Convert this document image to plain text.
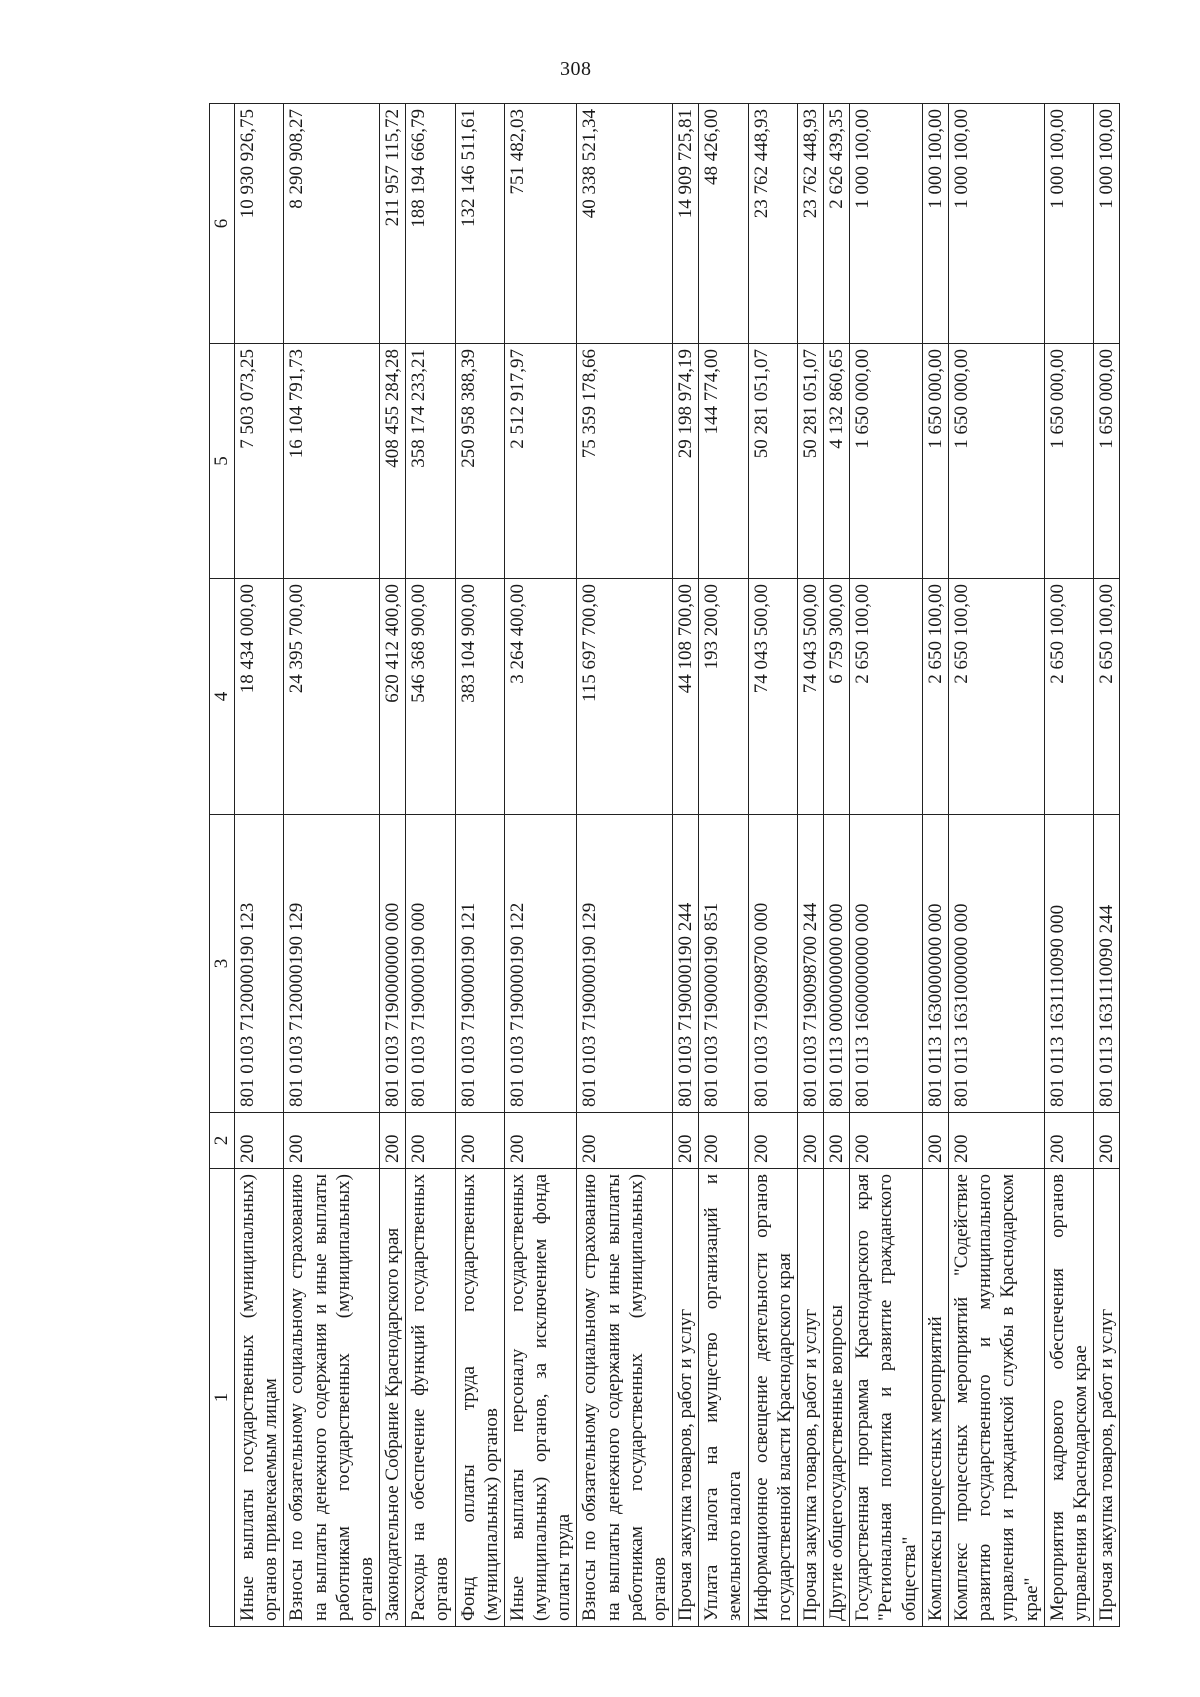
308
1	2	3	4	5	6
Иные выплаты государственных (муниципальных) органов привлекаемым лицам	200	801 0103 7120000190 123	18 434 000,00	7 503 073,25	10 930 926,75
Взносы по обязательному социальному страхованию на выплаты денежного содержания и иные выплаты работникам государственных (муниципальных) органов	200	801 0103 7120000190 129	24 395 700,00	16 104 791,73	8 290 908,27
Законодательное Собрание Краснодарского края	200	801 0103 7190000000 000	620 412 400,00	408 455 284,28	211 957 115,72
Расходы на обеспечение функций государственных органов	200	801 0103 7190000190 000	546 368 900,00	358 174 233,21	188 194 666,79
Фонд оплаты труда государственных (муниципальных) органов	200	801 0103 7190000190 121	383 104 900,00	250 958 388,39	132 146 511,61
Иные выплаты персоналу государственных (муниципальных) органов, за исключением фонда оплаты труда	200	801 0103 7190000190 122	3 264 400,00	2 512 917,97	751 482,03
Взносы по обязательному социальному страхованию на выплаты денежного содержания и иные выплаты работникам государственных (муниципальных) органов	200	801 0103 7190000190 129	115 697 700,00	75 359 178,66	40 338 521,34
Прочая закупка товаров, работ и услуг	200	801 0103 7190000190 244	44 108 700,00	29 198 974,19	14 909 725,81
Уплата налога на имущество организаций и земельного налога	200	801 0103 7190000190 851	193 200,00	144 774,00	48 426,00
Информационное освещение деятельности органов государственной власти Краснодарского края	200	801 0103 7190098700 000	74 043 500,00	50 281 051,07	23 762 448,93
Прочая закупка товаров, работ и услуг	200	801 0103 7190098700 244	74 043 500,00	50 281 051,07	23 762 448,93
Другие общегосударственные вопросы	200	801 0113 0000000000 000	6 759 300,00	4 132 860,65	2 626 439,35
Государственная программа Краснодарского края "Региональная политика и развитие гражданского общества"	200	801 0113 1600000000 000	2 650 100,00	1 650 000,00	1 000 100,00
Комплексы процессных мероприятий	200	801 0113 1630000000 000	2 650 100,00	1 650 000,00	1 000 100,00
Комплекс процессных мероприятий "Содействие развитию государственного и муниципального управления и гражданской службы в Краснодарском крае"	200	801 0113 1631000000 000	2 650 100,00	1 650 000,00	1 000 100,00
Мероприятия кадрового обеспечения органов управления в Краснодарском крае	200	801 0113 1631110090 000	2 650 100,00	1 650 000,00	1 000 100,00
Прочая закупка товаров, работ и услуг	200	801 0113 1631110090 244	2 650 100,00	1 650 000,00	1 000 100,00
